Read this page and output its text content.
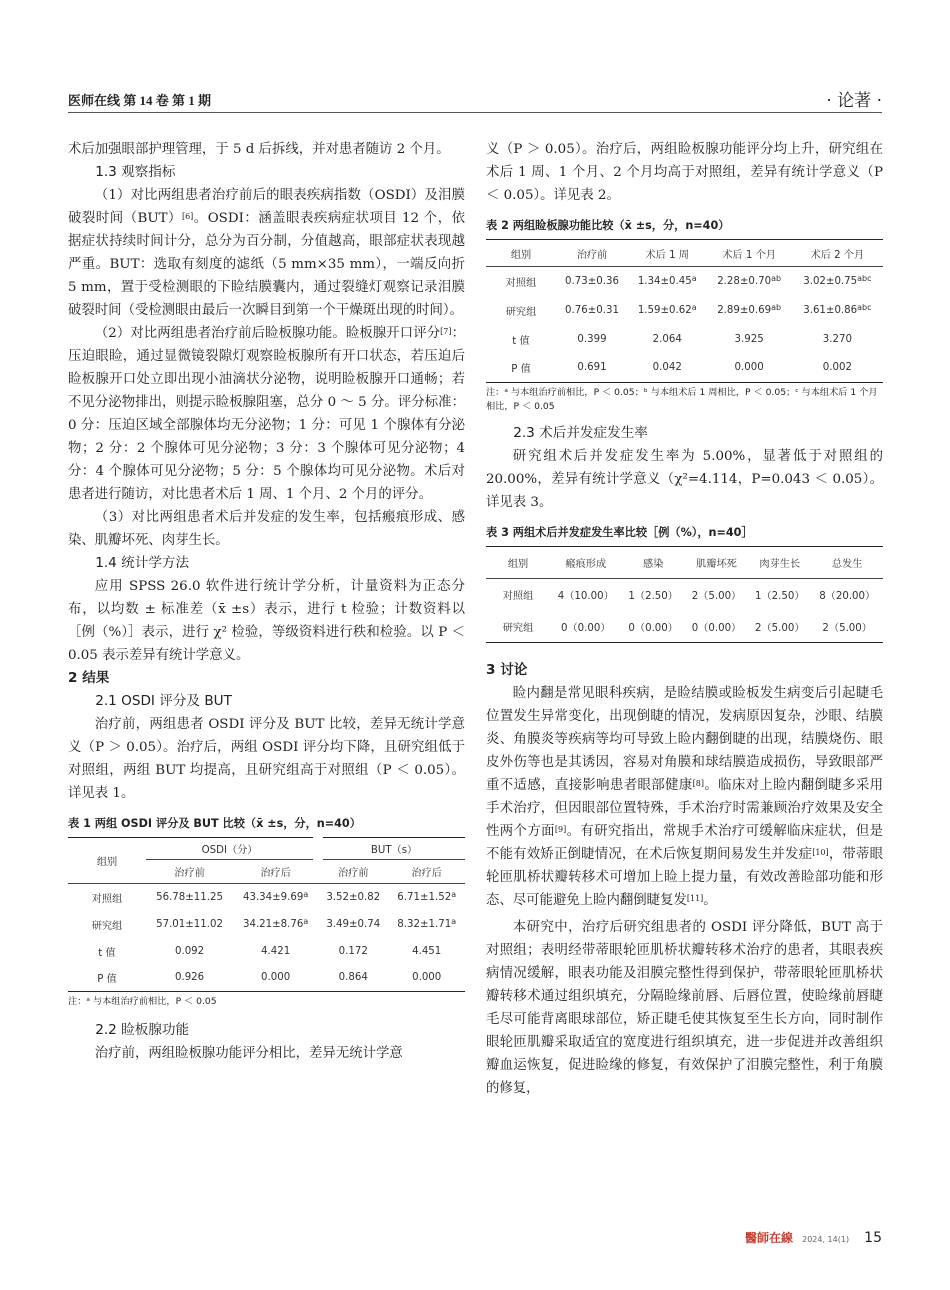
医师在线 第 14 卷 第 1 期	· 论著 ·

术后加强眼部护理管理，于 5 d 后拆线，并对患者随访 2 个月。

1.3 观察指标

（1）对比两组患者治疗前后的眼表疾病指数（OSDI）及泪膜破裂时间（BUT）[6]。OSDI：涵盖眼表疾病症状项目 12 个，依据症状持续时间计分，总分为百分制，分值越高，眼部症状表现越严重。BUT：选取有刻度的滤纸（5 mm×35 mm），一端反向折 5 mm，置于受检测眼的下睑结膜囊内，通过裂缝灯观察记录泪膜破裂时间（受检测眼由最后一次瞬目到第一个干燥斑出现的时间）。

（2）对比两组患者治疗前后睑板腺功能。睑板腺开口评分[7]：压迫眼睑，通过显微镜裂隙灯观察睑板腺所有开口状态，若压迫后睑板腺开口处立即出现小油滴状分泌物，说明睑板腺开口通畅；若不见分泌物排出，则提示睑板腺阻塞，总分 0 ～ 5 分。评分标准：0 分：压迫区域全部腺体均无分泌物；1 分：可见 1 个腺体有分泌物；2 分：2 个腺体可见分泌物；3 分：3 个腺体可见分泌物；4 分：4 个腺体可见分泌物；5 分：5 个腺体均可见分泌物。术后对患者进行随访，对比患者术后 1 周、1 个月、2 个月的评分。

（3）对比两组患者术后并发症的发生率，包括瘢痕形成、感染、肌瓣坏死、肉芽生长。

1.4 统计学方法

应用 SPSS 26.0 软件进行统计学分析，计量资料为正态分布，以均数 ± 标准差（x̄ ±s）表示，进行 t 检验；计数资料以［例（%）］表示，进行 χ² 检验，等级资料进行秩和检验。以 P ＜ 0.05 表示差异有统计学意义。

2 结果
2.1 OSDI 评分及 BUT

治疗前，两组患者 OSDI 评分及 BUT 比较，差异无统计学意义（P ＞ 0.05）。治疗后，两组 OSDI 评分均下降，且研究组低于对照组，两组 BUT 均提高，且研究组高于对照组（P ＜ 0.05）。详见表 1。

表 1 两组 OSDI 评分及 BUT 比较（x̄ ±s，分，n=40）
组别	OSDI（分）		BUT（s）	
	治疗前	治疗后	治疗前	治疗后
对照组	56.78±11.25	43.34±9.69$^a$	3.52±0.82	6.71±1.52$^a$
研究组	57.01±11.02	34.21±8.76$^a$	3.49±0.74	8.32±1.71$^a$
t 值	0.092	4.421	0.172	4.451
P 值	0.926	0.000	0.864	0.000
注：ᵃ 与本组治疗前相比，P ＜ 0.05
2.2 睑板腺功能

治疗前，两组睑板腺功能评分相比，差异无统计学意

义（P ＞ 0.05）。治疗后，两组睑板腺功能评分均上升，研究组在术后 1 周、1 个月、2 个月均高于对照组，差异有统计学意义（P ＜ 0.05）。详见表 2。

表 2 两组睑板腺功能比较（x̄ ±s，分，n=40）
组别	治疗前	术后 1 周	术后 1 个月	术后 2 个月
对照组	0.73±0.36	1.34±0.45$^a$	2.28±0.70$^{ab}$	3.02±0.75$^{abc}$
研究组	0.76±0.31	1.59±0.62$^a$	2.89±0.69$^{ab}$	3.61±0.86$^{abc}$
t 值	0.399	2.064	3.925	3.270
P 值	0.691	0.042	0.000	0.002
注：ᵃ 与本组治疗前相比，P ＜ 0.05；ᵇ 与本组术后 1 周相比，P ＜ 0.05；ᶜ 与本组术后 1 个月相比，P ＜ 0.05
2.3 术后并发症发生率

研究组术后并发症发生率为 5.00%，显著低于对照组的 20.00%，差异有统计学意义（χ²=4.114，P=0.043 ＜ 0.05）。详见表 3。

表 3 两组术后并发症发生率比较［例（%），n=40］
组别	瘢痕形成	感染	肌瓣坏死	肉芽生长	总发生
对照组	4（10.00）	1（2.50）	2（5.00）	1（2.50）	8（20.00）
研究组	0（0.00）	0（0.00）	0（0.00）	2（5.00）	2（5.00）
3 讨论

睑内翻是常见眼科疾病，是睑结膜或睑板发生病变后引起睫毛位置发生异常变化，出现倒睫的情况，发病原因复杂，沙眼、结膜炎、角膜炎等疾病等均可导致上睑内翻倒睫的出现，结膜烧伤、眼皮外伤等也是其诱因，容易对角膜和球结膜造成损伤，导致眼部严重不适感，直接影响患者眼部健康[8]。临床对上睑内翻倒睫多采用手术治疗，但因眼部位置特殊，手术治疗时需兼顾治疗效果及安全性两个方面[9]。有研究指出，常规手术治疗可缓解临床症状，但是不能有效矫正倒睫情况，在术后恢复期间易发生并发症[10]，带蒂眼轮匝肌桥状瓣转移术可增加上睑上提力量，有效改善睑部功能和形态、尽可能避免上睑内翻倒睫复发[11]。

本研究中，治疗后研究组患者的 OSDI 评分降低，BUT 高于对照组；表明经带蒂眼轮匝肌桥状瓣转移术治疗的患者，其眼表疾病情况缓解，眼表功能及泪膜完整性得到保护，带蒂眼轮匝肌桥状瓣转移术通过组织填充，分隔睑缘前唇、后唇位置，使睑缘前唇睫毛尽可能背离眼球部位，矫正睫毛使其恢复至生长方向，同时制作眼轮匝肌瓣采取适宜的宽度进行组织填充，进一步促进并改善组织瓣血运恢复，促进睑缘的修复，有效保护了泪膜完整性，利于角膜的修复，

醫師在線 2024, 14(1) 15
